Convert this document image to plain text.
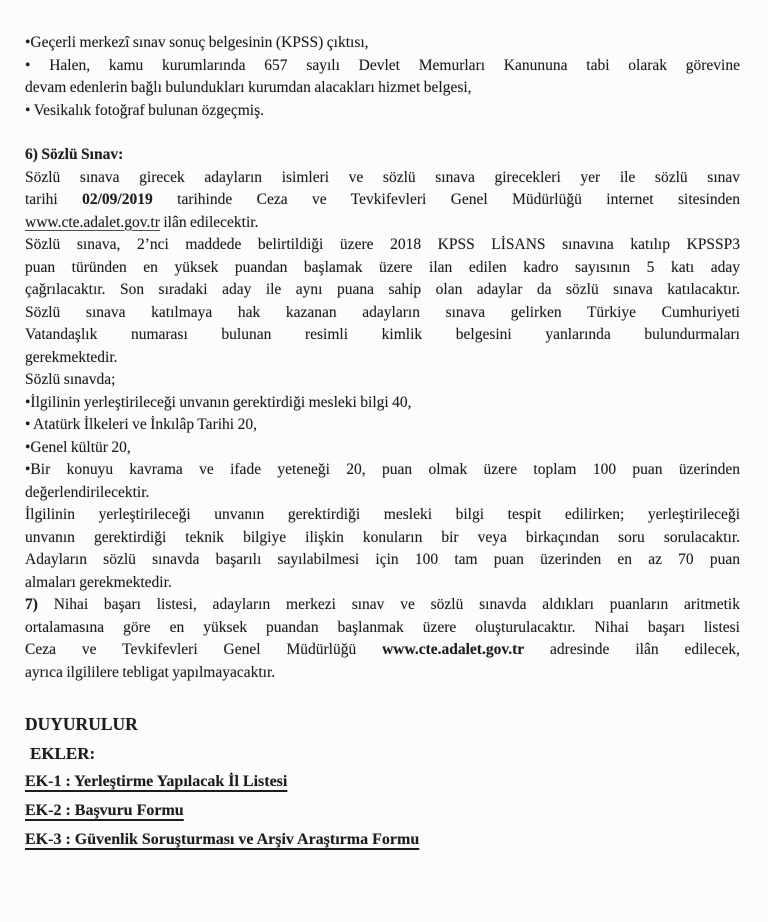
•Geçerli merkezî sınav sonuç belgesinin (KPSS) çıktısı,
• Halen, kamu kurumlarında 657 sayılı Devlet Memurları Kanununa tabi olarak görevine
devam edenlerin bağlı bulundukları kurumdan alacakları hizmet belgesi,
• Vesikalık fotoğraf bulunan özgeçmiş.
6) Sözlü Sınav:
Sözlü sınava girecek adayların isimleri ve sözlü sınava girecekleri yer ile sözlü sınav
tarihi 02/09/2019 tarihinde Ceza ve Tevkifevleri Genel Müdürlüğü internet sitesinden
www.cte.adalet.gov.tr ilân edilecektir.
Sözlü sınava, 2’nci maddede belirtildiği üzere 2018 KPSS LİSANS sınavına katılıp KPSSP3
puan türünden en yüksek puandan başlamak üzere ilan edilen kadro sayısının 5 katı aday
çağrılacaktır. Son sıradaki aday ile aynı puana sahip olan adaylar da sözlü sınava katılacaktır.
Sözlü sınava katılmaya hak kazanan adayların sınava gelirken Türkiye Cumhuriyeti
Vatandaşlık numarası bulunan resimli kimlik belgesini yanlarında bulundurmaları
gerekmektedir.
Sözlü sınavda;
•İlgilinin yerleştirileceği unvanın gerektirdiği mesleki bilgi 40,
• Atatürk İlkeleri ve İnkılâp Tarihi 20,
•Genel kültür 20,
•Bir konuyu kavrama ve ifade yeteneği 20, puan olmak üzere toplam 100 puan üzerinden
değerlendirilecektir.
İlgilinin yerleştirileceği unvanın gerektirdiği mesleki bilgi tespit edilirken; yerleştirileceği
unvanın gerektirdiği teknik bilgiye ilişkin konuların bir veya birkaçından soru sorulacaktır.
Adayların sözlü sınavda başarılı sayılabilmesi için 100 tam puan üzerinden en az 70 puan
almaları gerekmektedir.
7) Nihai başarı listesi, adayların merkezi sınav ve sözlü sınavda aldıkları puanların aritmetik
ortalamasına göre en yüksek puandan başlanmak üzere oluşturulacaktır. Nihai başarı listesi
Ceza ve Tevkifevleri Genel Müdürlüğü www.cte.adalet.gov.tr adresinde ilân edilecek,
ayrıca ilgililere tebligat yapılmayacaktır.
DUYURULUR
EKLER:
EK-1 : Yerleştirme Yapılacak İl Listesi
EK-2 : Başvuru Formu
EK-3 : Güvenlik Soruşturması ve Arşiv Araştırma Formu
